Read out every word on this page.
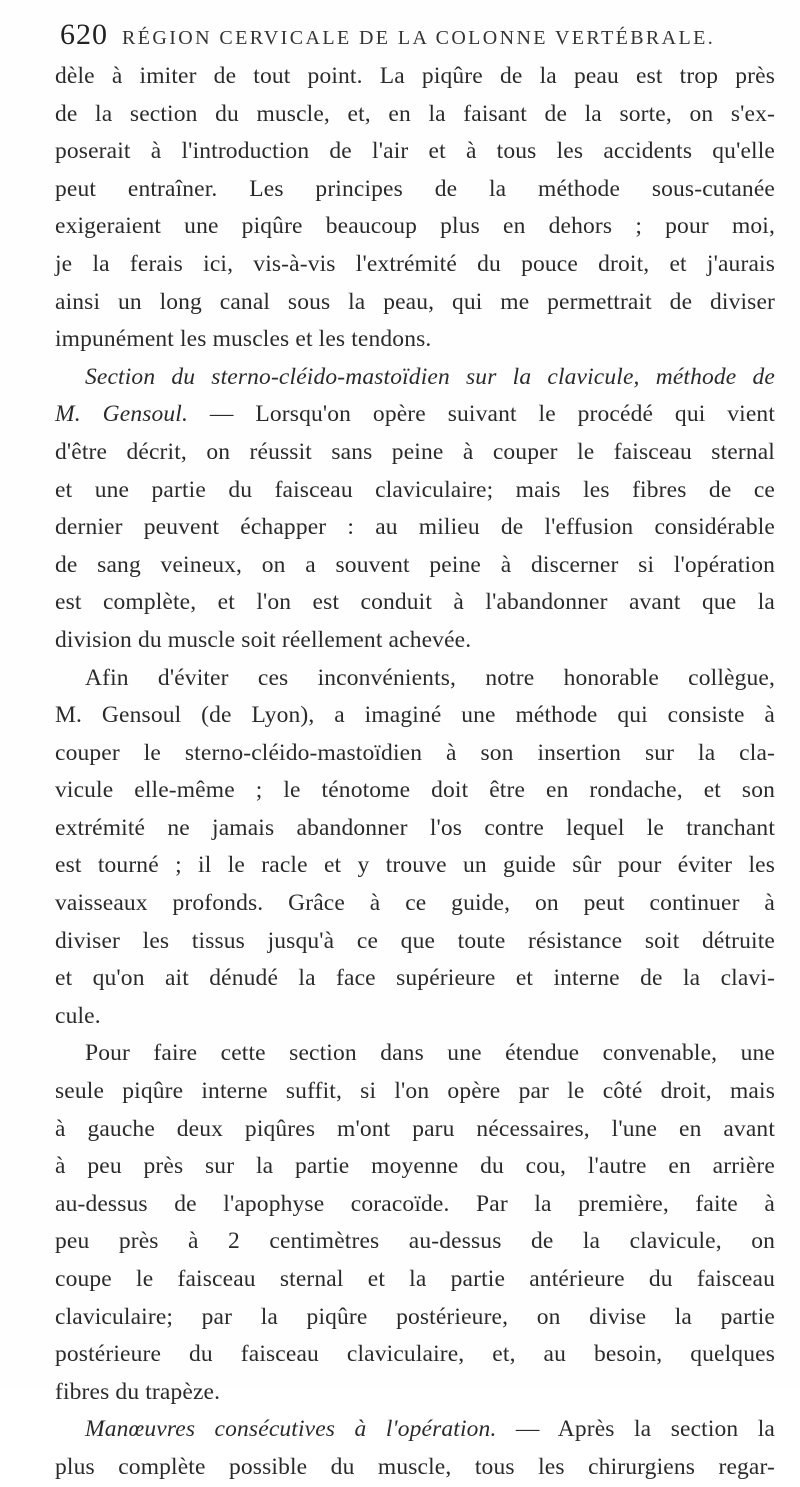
620 RÉGION CERVICALE DE LA COLONNE VERTÉBRALE.
dèle à imiter de tout point. La piqûre de la peau est trop près
de la section du muscle, et, en la faisant de la sorte, on s'ex-
poserait à l'introduction de l'air et à tous les accidents qu'elle
peut entraîner. Les principes de la méthode sous-cutanée
exigeraient une piqûre beaucoup plus en dehors ; pour moi,
je la ferais ici, vis-à-vis l'extrémité du pouce droit, et j'aurais
ainsi un long canal sous la peau, qui me permettrait de diviser
impunément les muscles et les tendons.
Section du sterno-cléido-mastoïdien sur la clavicule, méthode de
M. Gensoul. — Lorsqu'on opère suivant le procédé qui vient
d'être décrit, on réussit sans peine à couper le faisceau sternal
et une partie du faisceau claviculaire; mais les fibres de ce
dernier peuvent échapper : au milieu de l'effusion considérable
de sang veineux, on a souvent peine à discerner si l'opération
est complète, et l'on est conduit à l'abandonner avant que la
division du muscle soit réellement achevée.
Afin d'éviter ces inconvénients, notre honorable collègue,
M. Gensoul (de Lyon), a imaginé une méthode qui consiste à
couper le sterno-cléido-mastoïdien à son insertion sur la cla-
vicule elle-même ; le ténotome doit être en rondache, et son
extrémité ne jamais abandonner l'os contre lequel le tranchant
est tourné ; il le racle et y trouve un guide sûr pour éviter les
vaisseaux profonds. Grâce à ce guide, on peut continuer à
diviser les tissus jusqu'à ce que toute résistance soit détruite
et qu'on ait dénudé la face supérieure et interne de la clavi-
cule.
Pour faire cette section dans une étendue convenable, une
seule piqûre interne suffit, si l'on opère par le côté droit, mais
à gauche deux piqûres m'ont paru nécessaires, l'une en avant
à peu près sur la partie moyenne du cou, l'autre en arrière
au-dessus de l'apophyse coracoïde. Par la première, faite à
peu près à 2 centimètres au-dessus de la clavicule, on
coupe le faisceau sternal et la partie antérieure du faisceau
claviculaire; par la piqûre postérieure, on divise la partie
postérieure du faisceau claviculaire, et, au besoin, quelques
fibres du trapèze.
Manœuvres consécutives à l'opération. — Après la section la
plus complète possible du muscle, tous les chirurgiens regar-
